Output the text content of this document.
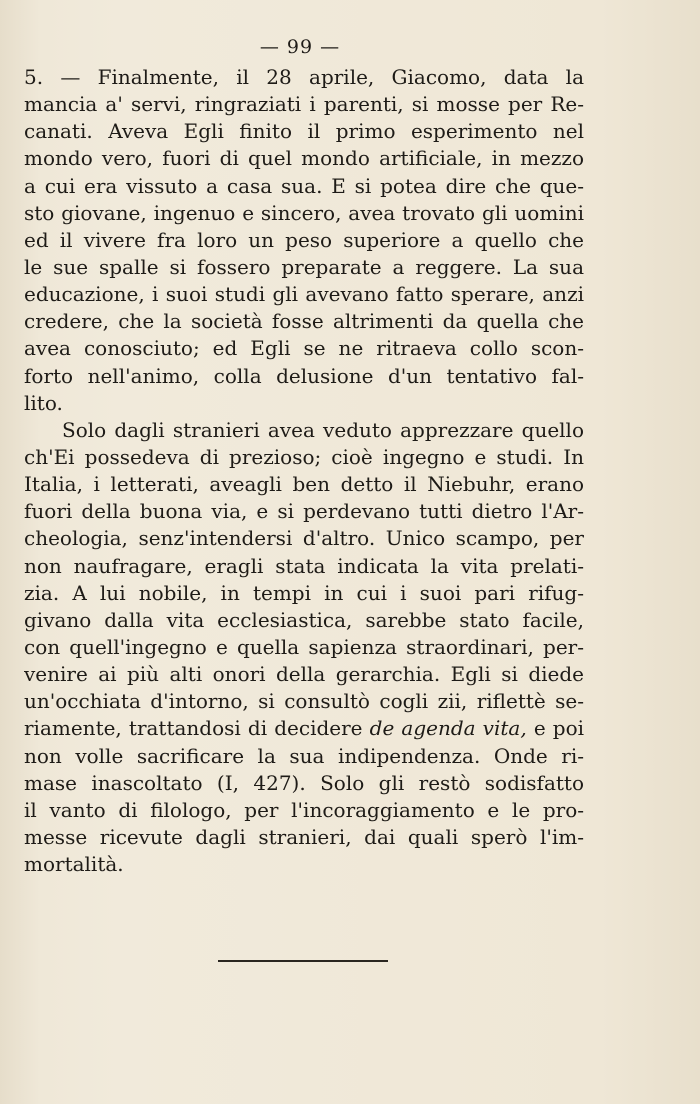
— 99 —
5. — Finalmente, il 28 aprile, Giacomo, data la
mancia a' servi, ringraziati i parenti, si mosse per Re-
canati. Aveva Egli finito il primo esperimento nel
mondo vero, fuori di quel mondo artificiale, in mezzo
a cui era vissuto a casa sua. E si potea dire che que-
sto giovane, ingenuo e sincero, avea trovato gli uomini
ed il vivere fra loro un peso superiore a quello che
le sue spalle si fossero preparate a reggere. La sua
educazione, i suoi studi gli avevano fatto sperare, anzi
credere, che la società fosse altrimenti da quella che
avea conosciuto; ed Egli se ne ritraeva collo scon-
forto nell'animo, colla delusione d'un tentativo fal-
lito.
Solo dagli stranieri avea veduto apprezzare quello
ch'Ei possedeva di prezioso; cioè ingegno e studi. In
Italia, i letterati, aveagli ben detto il Niebuhr, erano
fuori della buona via, e si perdevano tutti dietro l'Ar-
cheologia, senz'intendersi d'altro. Unico scampo, per
non naufragare, eragli stata indicata la vita prelati-
zia. A lui nobile, in tempi in cui i suoi pari rifug-
givano dalla vita ecclesiastica, sarebbe stato facile,
con quell'ingegno e quella sapienza straordinari, per-
venire ai più alti onori della gerarchia. Egli si diede
un'occhiata d'intorno, si consultò cogli zii, riflettè se-
riamente, trattandosi di decidere de agenda vita, e poi
non volle sacrificare la sua indipendenza. Onde ri-
mase inascoltato (I, 427). Solo gli restò sodisfatto
il vanto di filologo, per l'incoraggiamento e le pro-
messe ricevute dagli stranieri, dai quali sperò l'im-
mortalità.
